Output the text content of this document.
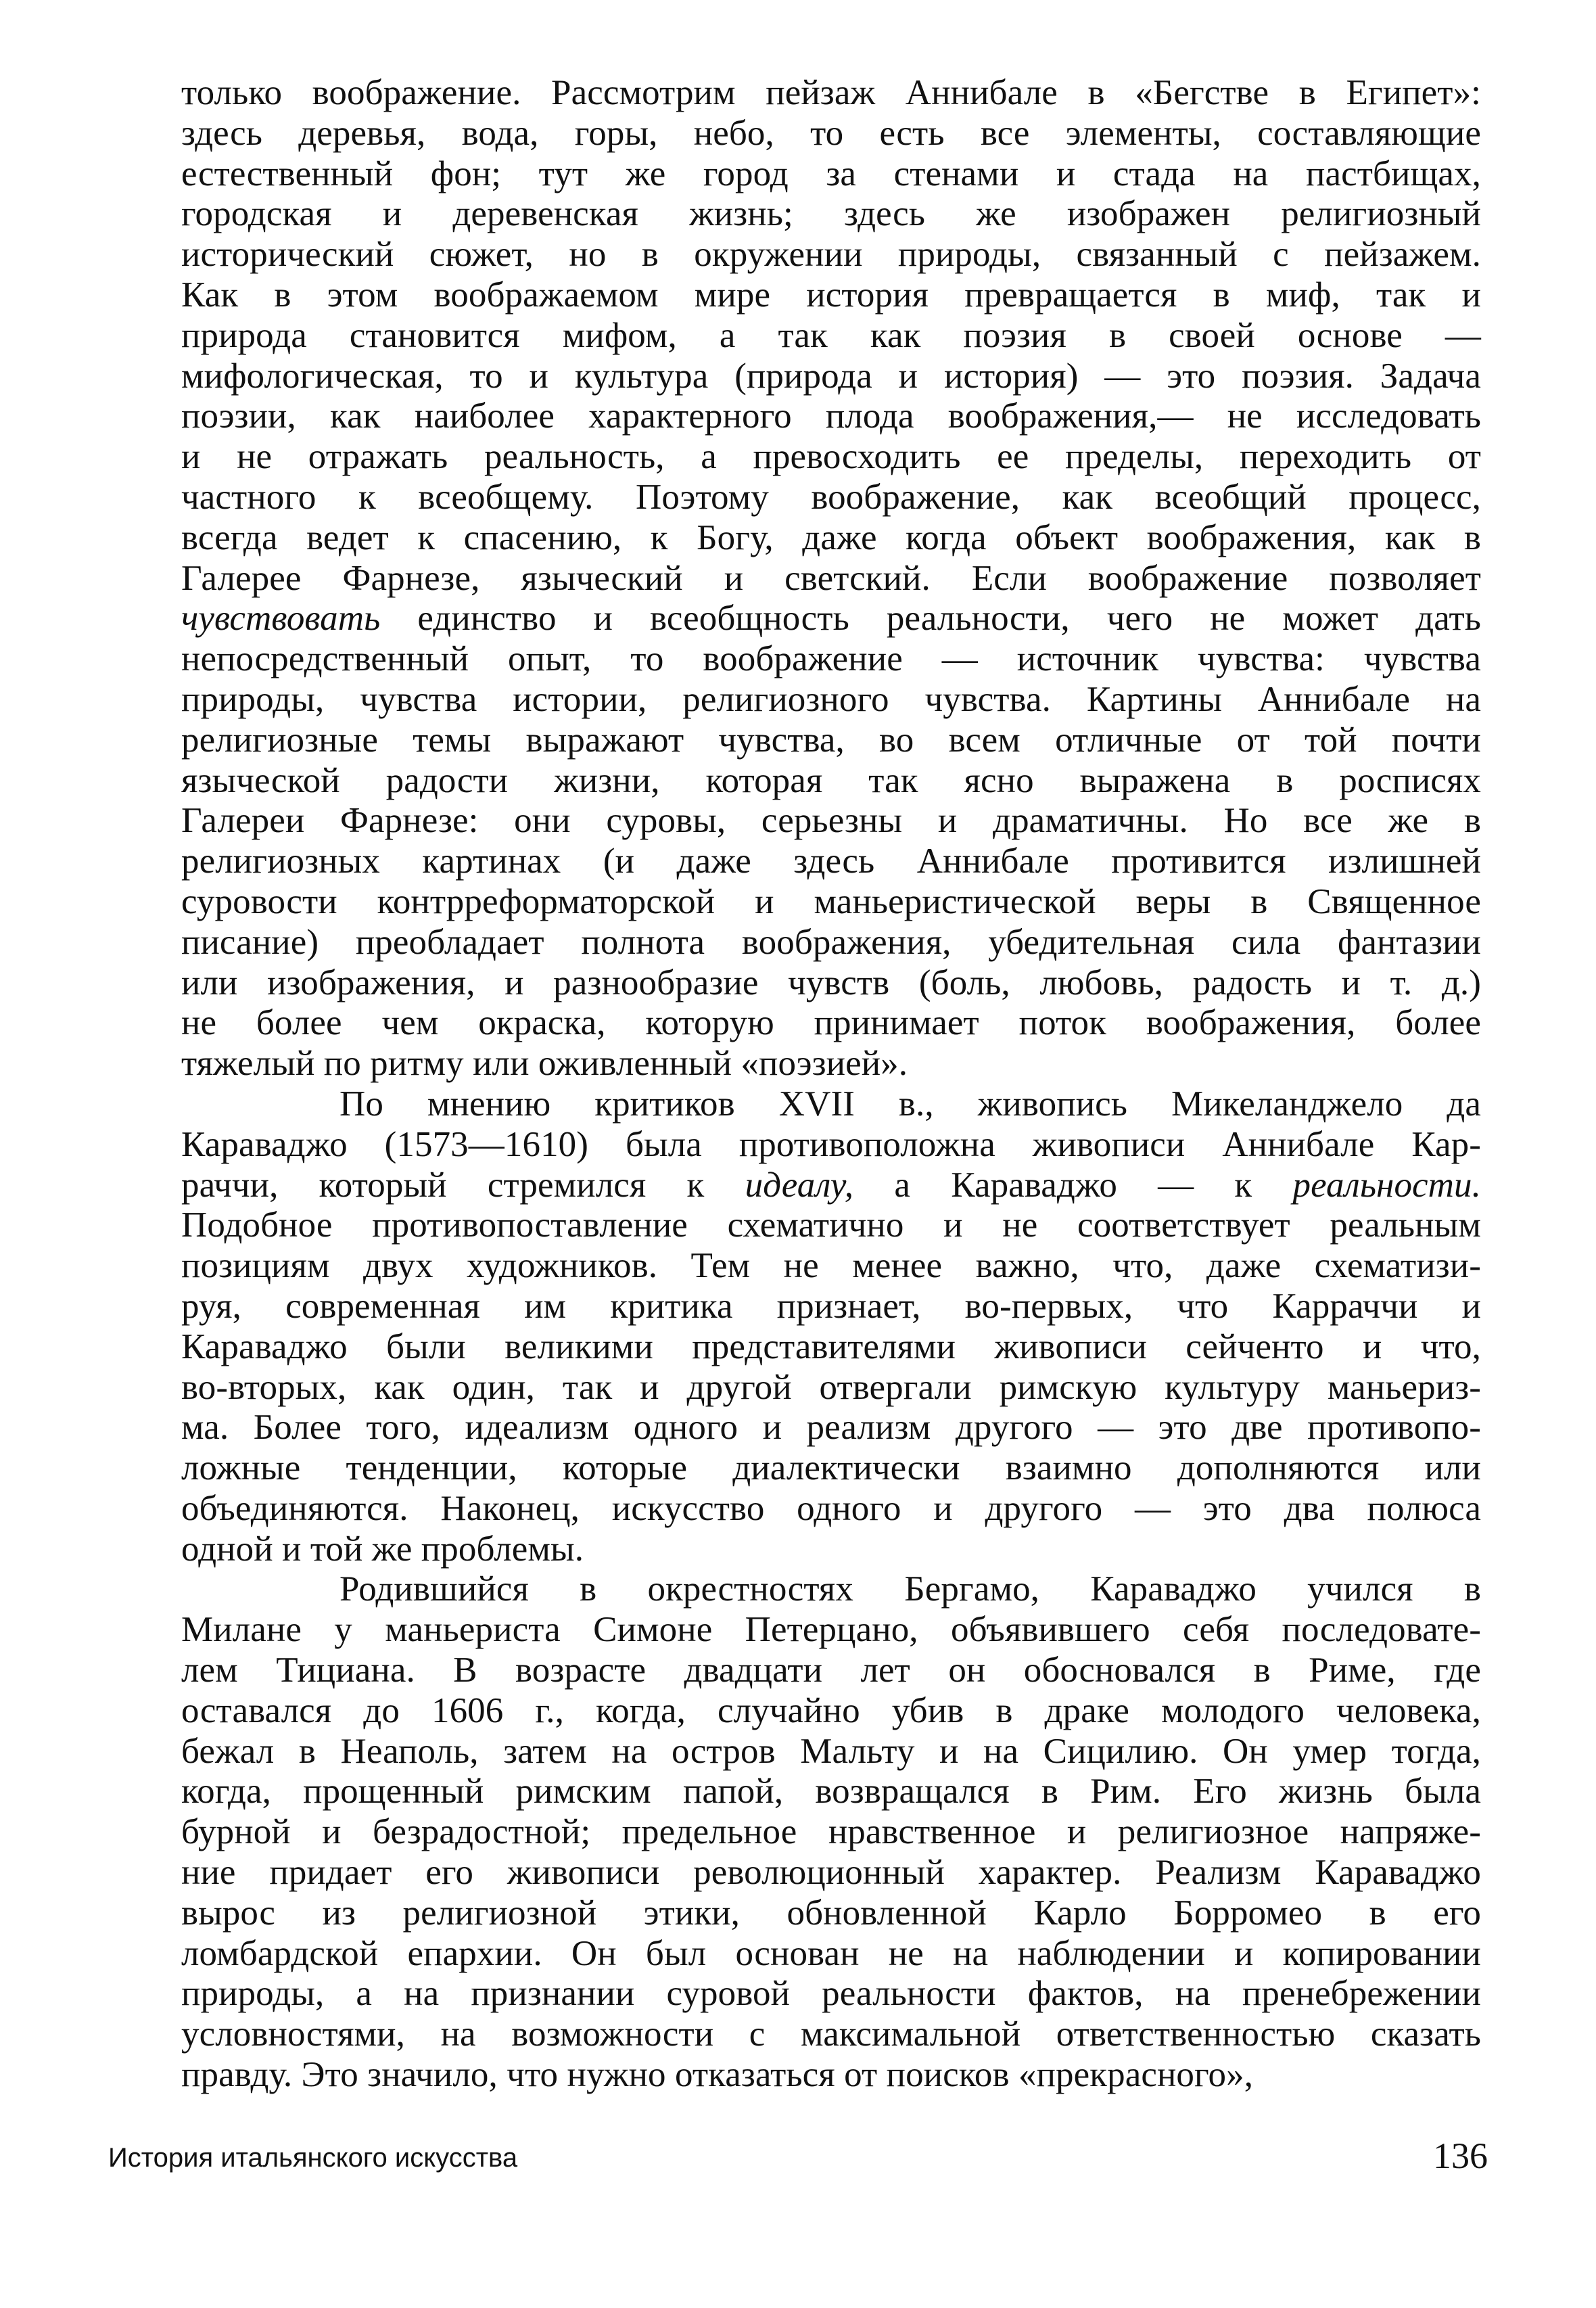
только воображение. Рассмотрим пейзаж Аннибале в «Бегстве в Египет»:
здесь деревья, вода, горы, небо, то есть все элементы, составляющие
естественный фон; тут же город за стенами и стада на пастбищах,
городская и деревенская жизнь; здесь же изображен религиозный
исторический сюжет, но в окружении природы, связанный с пейзажем.
Как в этом воображаемом мире история превращается в миф, так и
природа становится мифом, а так как поэзия в своей основе —
мифологическая, то и культура (природа и история) — это поэзия. Задача
поэзии, как наиболее характерного плода воображения,— не исследовать
и не отражать реальность, а превосходить ее пределы, переходить от
частного к всеобщему. Поэтому воображение, как всеобщий процесс,
всегда ведет к спасению, к Богу, даже когда объект воображения, как в
Галерее Фарнезе, языческий и светский. Если воображение позволяет
чувствовать единство и всеобщность реальности, чего не может дать
непосредственный опыт, то воображение — источник чувства: чувства
природы, чувства истории, религиозного чувства. Картины Аннибале на
религиозные темы выражают чувства, во всем отличные от той почти
языческой радости жизни, которая так ясно выражена в росписях
Галереи Фарнезе: они суровы, серьезны и драматичны. Но все же в
религиозных картинах (и даже здесь Аннибале противится излишней
суровости контрреформаторской и маньеристической веры в Священное
писание) преобладает полнота воображения, убедительная сила фантазии
или изображения, и разнообразие чувств (боль, любовь, радость и т. д.)
не более чем окраска, которую принимает поток воображения, более
тяжелый по ритму или оживленный «поэзией».
По мнению критиков XVII в., живопись Микеланджело да
Караваджо (1573—1610) была противоположна живописи Аннибале Кар-
раччи, который стремился к идеалу, а Караваджо — к реальности.
Подобное противопоставление схематично и не соответствует реальным
позициям двух художников. Тем не менее важно, что, даже схематизи-
руя, современная им критика признает, во-первых, что Карраччи и
Караваджо были великими представителями живописи сейченто и что,
во-вторых, как один, так и другой отвергали римскую культуру маньериз-
ма. Более того, идеализм одного и реализм другого — это две противопо-
ложные тенденции, которые диалектически взаимно дополняются или
объединяются. Наконец, искусство одного и другого — это два полюса
одной и той же проблемы.
Родившийся в окрестностях Бергамо, Караваджо учился в
Милане у маньериста Симоне Петерцано, объявившего себя последовате-
лем Тициана. В возрасте двадцати лет он обосновался в Риме, где
оставался до 1606 г., когда, случайно убив в драке молодого человека,
бежал в Неаполь, затем на остров Мальту и на Сицилию. Он умер тогда,
когда, прощенный римским папой, возвращался в Рим. Его жизнь была
бурной и безрадостной; предельное нравственное и религиозное напряже-
ние придает его живописи революционный характер. Реализм Караваджо
вырос из религиозной этики, обновленной Карло Борромео в его
ломбардской епархии. Он был основан не на наблюдении и копировании
природы, а на признании суровой реальности фактов, на пренебрежении
условностями, на возможности с максимальной ответственностью сказать
правду. Это значило, что нужно отказаться от поисков «прекрасного»,
История итальянского искусства	136
